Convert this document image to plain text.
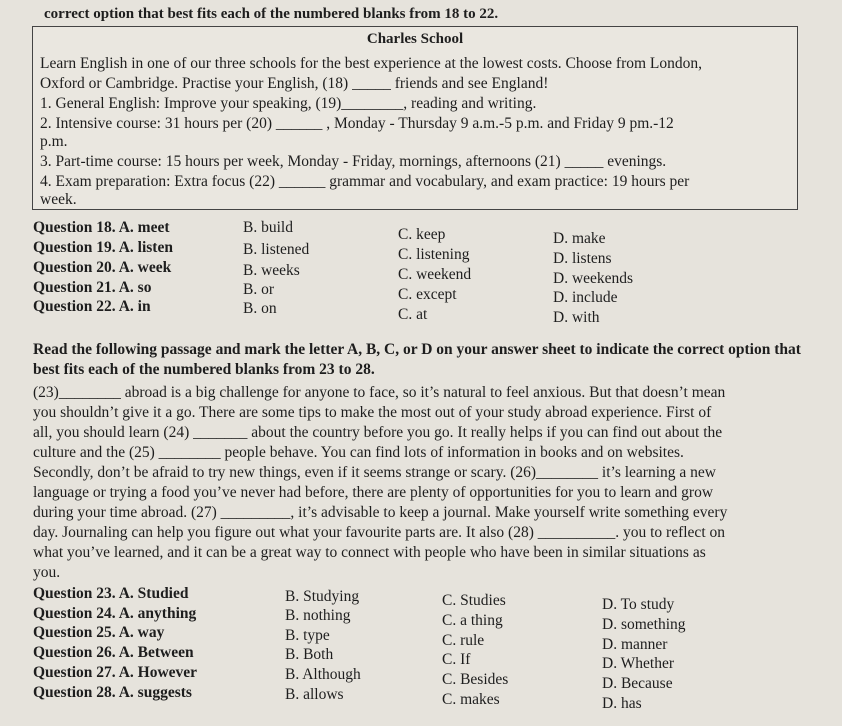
correct option that best fits each of the numbered blanks from 18 to 22.
Charles School
Learn English in one of our three schools for the best experience at the lowest costs. Choose from London,
Oxford or Cambridge. Practise your English, (18) _____ friends and see England!
1. General English: Improve your speaking, (19)________, reading and writing.
2. Intensive course: 31 hours per (20) ______ , Monday - Thursday 9 a.m.-5 p.m. and Friday 9 pm.-12
p.m.
3. Part-time course: 15 hours per week, Monday - Friday, mornings, afternoons (21) _____ evenings.
4. Exam preparation: Extra focus (22) ______ grammar and vocabulary, and exam practice: 19 hours per
week.
Question 18. A. meet	B. build	C. keep	D. make
Question 19. A. listen	B. listened	C. listening	D. listens
Question 20. A. week	B. weeks	C. weekend	D. weekends
Question 21. A. so	B. or	C. except	D. include
Question 22. A. in	B. on	C. at	D. with
Read the following passage and mark the letter A, B, C, or D on your answer sheet to indicate the correct option that best fits each of the numbered blanks from 23 to 28.
(23)________ abroad is a big challenge for anyone to face, so it’s natural to feel anxious. But that doesn’t mean
you shouldn’t give it a go. There are some tips to make the most out of your study abroad experience. First of
all, you should learn (24) _______ about the country before you go. It really helps if you can find out about the
culture and the (25) ________ people behave. You can find lots of information in books and on websites.
Secondly, don’t be afraid to try new things, even if it seems strange or scary. (26)________ it’s learning a new
language or trying a food you’ve never had before, there are plenty of opportunities for you to learn and grow
during your time abroad. (27) _________, it’s advisable to keep a journal. Make yourself write something every
day. Journaling can help you figure out what your favourite parts are. It also (28) __________. you to reflect on
what you’ve learned, and it can be a great way to connect with people who have been in similar situations as
you.
Question 23. A. Studied	B. Studying	C. Studies	D. To study
Question 24. A. anything	B. nothing	C. a thing	D. something
Question 25. A. way	B. type	C. rule	D. manner
Question 26. A. Between	B. Both	C. If	D. Whether
Question 27. A. However	B. Although	C. Besides	D. Because
Question 28. A. suggests	B. allows	C. makes	D. has
